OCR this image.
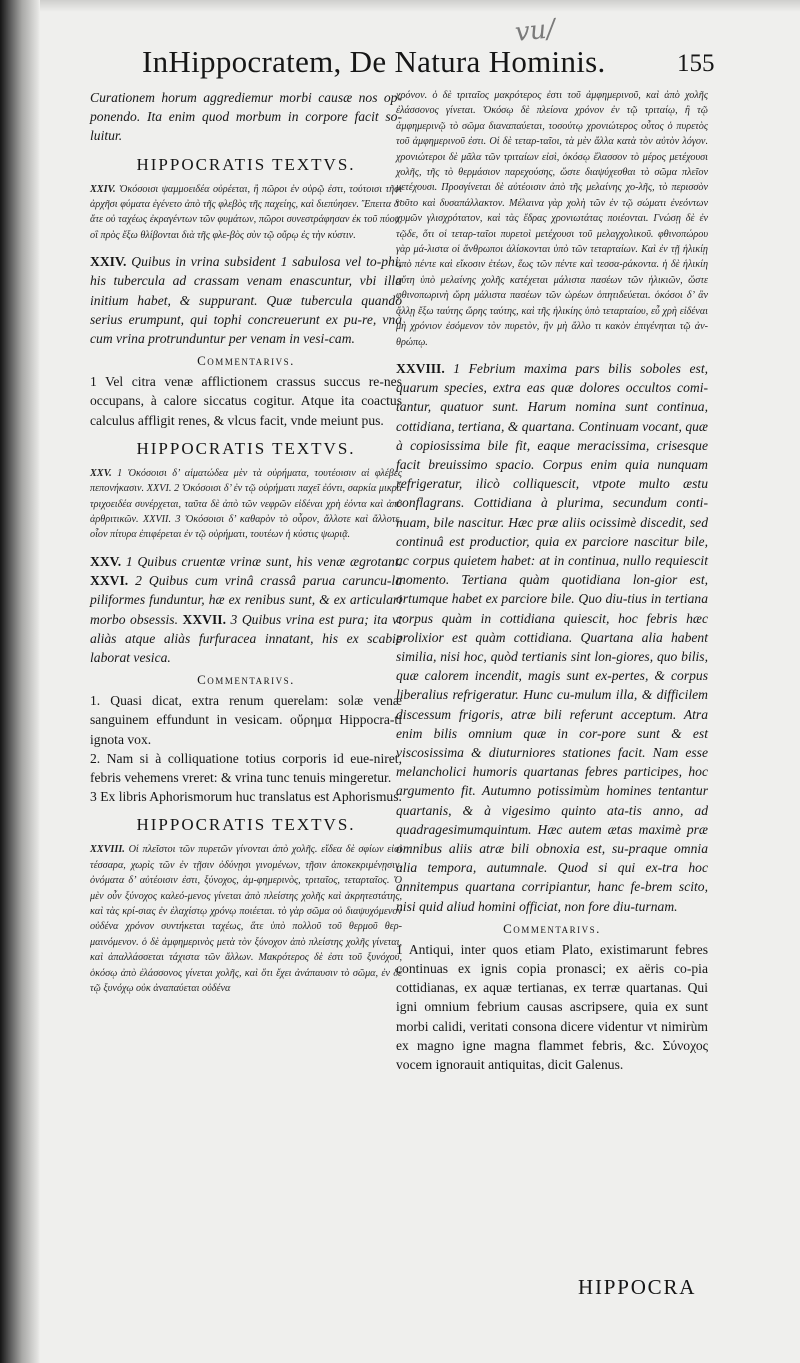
vu/
InHippocratem, De Natura Hominis.	155

Curationem horum aggrediemur morbi causæ nos op-ponendo. Ita enim quod morbum in corpore facit so-luitur.

HIPPOCRATIS TEXTVS.

XXIV. Ὁκόσοισι ψαμμοειδέα οὐρέεται, ἢ πῶροι ἐν οὐρῷ ἐστι, τούτοισι τῆσι ἀρχῆσι φύματα ἐγένετο ἀπὸ τῆς φλεβὸς τῆς παχείης, καὶ διεπύησεν. Ἔπειτα δ’ ἅτε οὐ ταχέως ἐκραγέντων τῶν φυμάτων, πῶροι συνεστράφησαν ἐκ τοῦ πύου, οἳ πρὸς ἔξω θλίβονται διὰ τῆς φλε-βὸς σὺν τῷ οὔρῳ ἐς τὴν κύστιν.

XXIV. Quibus in vrina subsident 1 sabulosa vel to-phi, his tubercula ad crassam venam enascuntur, vbi illa initium habet, & suppurant. Quæ tubercula quando serius erumpunt, qui tophi concreuerunt ex pu-re, vnà cum vrina protrunduntur per venam in vesi-cam.

Commentarivs.

1 Vel citra venæ afflictionem crassus succus re-nes occupans, à calore siccatus cogitur. Atque ita coactus calculus affligit renes, & vlcus facit, vnde meiunt pus.

HIPPOCRATIS TEXTVS.

XXV. 1 Ὁκόσοισι δ’ αἱματώδεα μὲν τὰ οὐρήματα, τουτέοισιν αἱ φλέβες πεπονήκασιν. XXVI. 2 Ὁκόσοισι δ’ ἐν τῷ οὐρήματι παχεῖ ἐόντι, σαρκία μικρὰ τριχοειδέα συνέρχεται, ταῦτα δὲ ἀπὸ τῶν νεφρῶν εἰδέναι χρὴ ἐόντα καὶ ἀπὸ ἀρθριτικῶν. XXVII. 3 Ὁκόσοισι δ’ καθαρὸν τὸ οὖρον, ἄλλοτε καὶ ἄλλοτε, οἷον πίτυρα ἐπιφέρεται ἐν τῷ οὐρήματι, τουτέων ἡ κύστις ψωριᾷ.

XXV. 1 Quibus cruentæ vrinæ sunt, his venæ ægrotant. XXVI. 2 Quibus cum vrinâ crassâ parua caruncu-la piliformes funduntur, hæ ex renibus sunt, & ex articulari morbo obsessis. XXVII. 3 Quibus vrina est pura; ita vt aliàs atque aliàs furfuracea innatant, his ex scabie laborat vesica.

Commentarivs.

1. Quasi dicat, extra renum querelam: solæ venæ sanguinem effundunt in vesicam. οὔρημα Hippocra-ti ignota vox.

2. Nam si à colliquatione totius corporis id eue-niret, febris vehemens vreret: & vrina tunc tenuis mingeretur.

3 Ex libris Aphorismorum huc translatus est Aphorismus.

HIPPOCRATIS TEXTVS.

XXVIII. Οἱ πλεῖστοι τῶν πυρετῶν γίνονται ἀπὸ χολῆς. εἴδεα δὲ σφίων εἰσὶ τέσσαρα, χωρὶς τῶν ἐν τῇσιν ὀδύνῃσι γινομένων, τῇσιν ἀποκεκριμένῃσιν. ὀνόματα δ’ αὐτέοισιν ἐστι, ξύνοχος, ἀμ-φημερινὸς, τριταῖος, τεταρταῖος. Ὁ μὲν οὖν ξύνοχος καλεό-μενος γίνεται ἀπὸ πλείστης χολῆς καὶ ἀκρητεστάτης, καὶ τὰς κρί-σιας ἐν ἐλαχίστῳ χρόνῳ ποιέεται. τὸ γὰρ σῶμα οὐ διαψυχόμενον οὐδένα χρόνον συντήκεται ταχέως, ἅτε ὑπὸ πολλοῦ τοῦ θερμοῦ θερ-μαινόμενον. ὁ δὲ ἀμφημερινὸς μετὰ τὸν ξύνοχον ἀπὸ πλείστης χολῆς γίνεται, καὶ ἀπαλλάσσεται τάχιστα τῶν ἄλλων. Μακρότερος δὲ ἐστι τοῦ ξυνόχου, ὁκόσῳ ἀπὸ ἐλάσσονος γίνεται χολῆς, καὶ ὅτι ἔχει ἀνάπαυσιν τὸ σῶμα, ἐν δὲ τῷ ξυνόχῳ οὐκ ἀναπαύεται οὐδένα

χρόνον. ὁ δὲ τριταῖος μακρότερος ἐστι τοῦ ἀμφημερινοῦ, καὶ ἀπὸ χολῆς ἐλάσσονος γίνεται. Ὁκόσῳ δὲ πλείονα χρόνον ἐν τῷ τριταίῳ, ἢ τῷ ἀμφημερινῷ τὸ σῶμα διαναπαύεται, τοσούτῳ χρονιώτερος οὗτος ὁ πυρετὸς τοῦ ἀμφημερινοῦ ἐστι. Οἱ δὲ τεταρ-ταῖοι, τὰ μὲν ἄλλα κατὰ τὸν αὐτὸν λόγον. χρονιώτεροι δὲ μᾶλα τῶν τριταίων εἰσὶ, ὁκόσῳ ἔλασσον τὸ μέρος μετέχουσι χολῆς, τῆς τὸ θερμάσιον παρεχούσης, ὥστε διαψύχεσθαι τὸ σῶμα πλεῖον μετέχουσι. Προσγίνεται δὲ αὐτέοισιν ἀπὸ τῆς μελαίνης χο-λῆς, τὸ περισσὸν τοῦτο καὶ δυσαπάλλακτον. Μέλαινα γὰρ χολὴ τῶν ἐν τῷ σώματι ἐνεόντων χυμῶν γλισχρότατον, καὶ τὰς ἕδρας χρονιωτάτας ποιέονται. Γνώσῃ δὲ ἐν τῷδε, ὅτι οἱ τεταρ-ταῖοι πυρετοὶ μετέχουσι τοῦ μελαγχολικοῦ. φθινοπώρου γὰρ μά-λιστα οἱ ἄνθρωποι ἁλίσκονται ὑπὸ τῶν τεταρταίων. Καὶ ἐν τῇ ἡλικίῃ ἀπὸ πέντε καὶ εἴκοσιν ἐτέων, ἕως τῶν πέντε καὶ τεσσα-ράκοντα. ἡ δὲ ἡλικίη αὕτη ὑπὸ μελαίνης χολῆς κατέχεται μάλιστα πασέων τῶν ἡλικιῶν, ὥστε φθινοπωρινὴ ὥρη μάλιστα πασέων τῶν ὡρέων ὁπητιδεύεται. ὁκόσοι δ’ ἂν ἄλλῃ ἔξω ταύτης ὥρης ταύτης, καὶ τῆς ἡλικίης ὑπὸ τεταρταίου, εὖ χρὴ εἰδέναι μὴ χρόνιον ἐσόμενον τὸν πυρετὸν, ἢν μὴ ἄλλο τι κακὸν ἐπιγένηται τῷ ἀν-θρώπῳ.

XXVIII. 1 Febrium maxima pars bilis soboles est, quarum species, extra eas quæ dolores occultos comi-tantur, quatuor sunt. Harum nomina sunt continua, cottidiana, tertiana, & quartana. Continuam vocant, quæ à copiosissima bile fit, eaque meracissima, crisesque facit breuissimo spacio. Corpus enim quia nunquam refrigeratur, ilicò colliquescit, vtpote multo æstu conflagrans. Cottidiana à plurima, secundum conti-nuam, bile nascitur. Hæc præ aliis ocissimè discedit, sed continuâ est productior, quia ex parciore nascitur bile, ac corpus quietem habet: at in continua, nullo requiescit momento. Tertiana quàm quotidiana lon-gior est, ortumque habet ex parciore bile. Quo diu-tius in tertiana corpus quàm in cottidiana quiescit, hoc febris hæc prolixior est quàm cottidiana. Quartana alia habent similia, nisi hoc, quòd tertianis sint lon-giores, quo bilis, quæ calorem incendit, magis sunt ex-pertes, & corpus liberalius refrigeratur. Hunc cu-mulum illa, & difficilem discessum frigoris, atræ bili referunt acceptum. Atra enim bilis omnium quæ in cor-pore sunt & est viscosissima & diuturniores stationes facit. Nam esse melancholici humoris quartanas febres participes, hoc argumento fit. Autumno potissimùm homines tentantur quartanis, & à vigesimo quinto ata-tis anno, ad quadragesimumquintum. Hæc autem ætas maximè præ omnibus aliis atræ bili obnoxia est, su-praque omnia alia tempora, autumnale. Quod si qui ex-tra hoc annitempus quartana corripiantur, hanc fe-brem scito, nisi quid aliud homini officiat, non fore diu-turnam.

Commentarivs.

1 Antiqui, inter quos etiam Plato, existimarunt febres continuas ex ignis copia pronasci; ex aëris co-pia cottidianas, ex aquæ tertianas, ex terræ quartanas. Qui igni omnium febrium causas ascripsere, quia ex sunt morbi calidi, veritati consona dicere videntur vt nimirùm ex magno igne magna flammet febris, &c. Σύνοχος vocem ignorauit antiquitas, dicit Galenus.

HIPPOCRA
